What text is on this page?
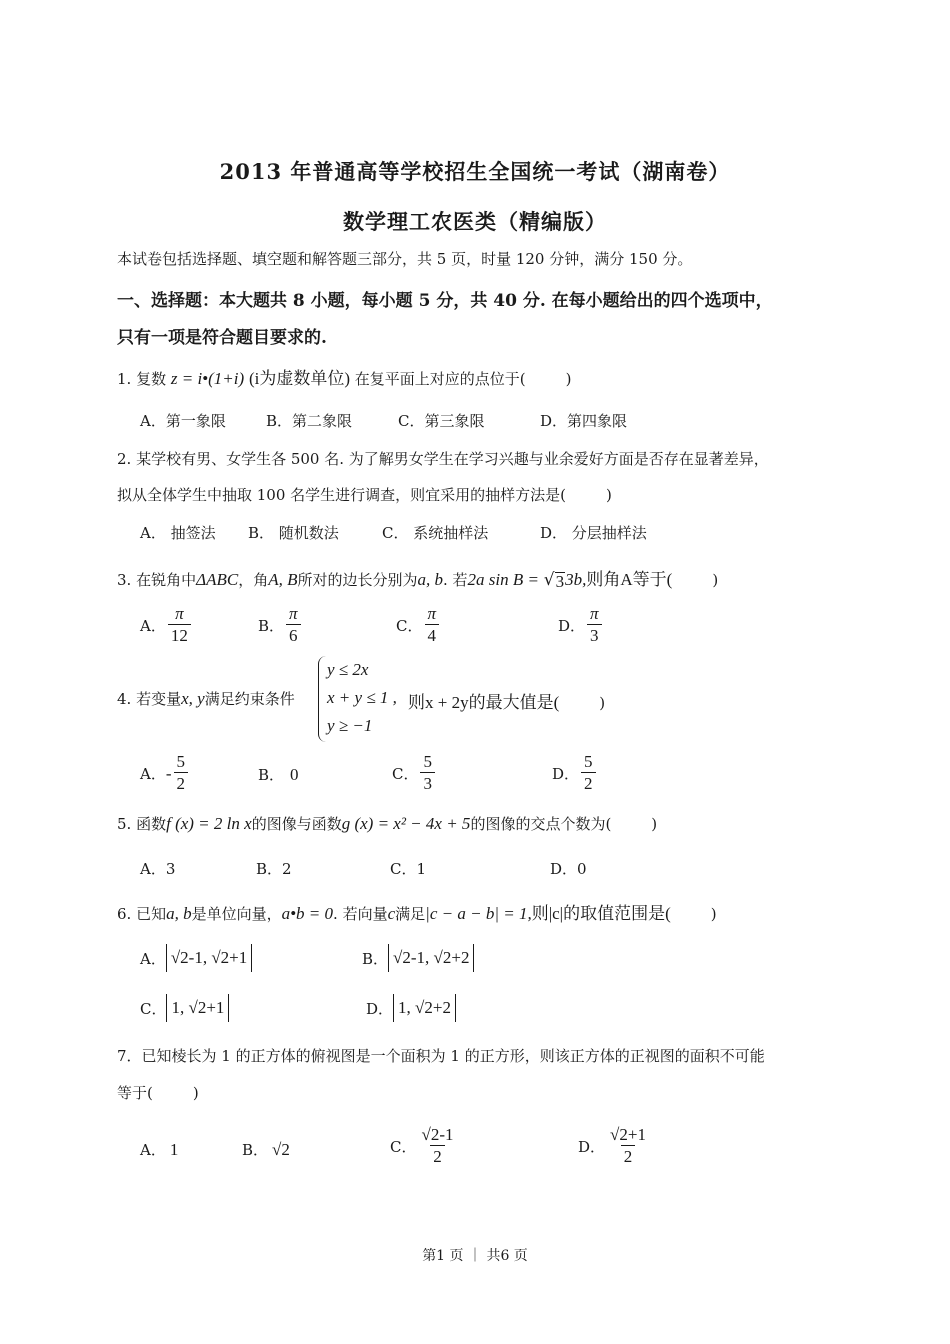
2013 年普通高等学校招生全国统一考试（湖南卷）
数学理工农医类（精编版）
本试卷包括选择题、填空题和解答题三部分，共 5 页，时量 120 分钟，满分 150 分。
一、选择题：本大题共 8 小题，每小题 5 分，共 40 分. 在每小题给出的四个选项中，
只有一项是符合题目要求的.
1. 复数 z = i•(1+i) (i为虚数单位) 在复平面上对应的点位于(	)
A．第一象限	B．第二象限	C．第三象限	D．第四象限
2. 某学校有男、女学生各 500 名. 为了解男女学生在学习兴趣与业余爱好方面是否存在显著差异，
拟从全体学生中抽取 100 名学生进行调查，则宜采用的抽样方法是(	)
A． 抽签法 B． 随机数法	C． 系统抽样法	D． 分层抽样法
3. 在锐角中ΔABC，角A, B所对的边长分别为a, b. 若2a sin B = √ 3 3b,则角A等于(	)
A． $\frac{\pi}{12}$	B． $\frac{\pi}{6}$	C． $\frac{\pi}{4}$	D． $\frac{\pi}{3}$
4. 若变量x, y满足约束条件
y ≤ 2x
x + y ≤ 1 ,
y ≥ −1
则x + 2y的最大值是(	)
A． - $\frac{5}{2}$	B． 0	C． $\frac{5}{3}$	D． $\frac{5}{2}$
5. 函数f (x) = 2 ln x的图像与函数g (x) = x² − 4x + 5的图像的交点个数为(	)
A．3	B．2	C．1	D．0
6. 已知a, b是单位向量，a•b = 0. 若向量c满足|c − a − b| = 1,则|c|的取值范围是(	)
A． √2-1, √2+1	B． √2-1, √2+2
C． 1, √2+1	D． 1, √2+2
7．已知棱长为 1 的正方体的俯视图是一个面积为 1 的正方形，则该正方体的正视图的面积不可能
等于(	)
A． 1	B． √2	C． $\frac{√2-1}{2}$	D． $\frac{√2+1}{2}$
第1 页 ｜ 共6 页
